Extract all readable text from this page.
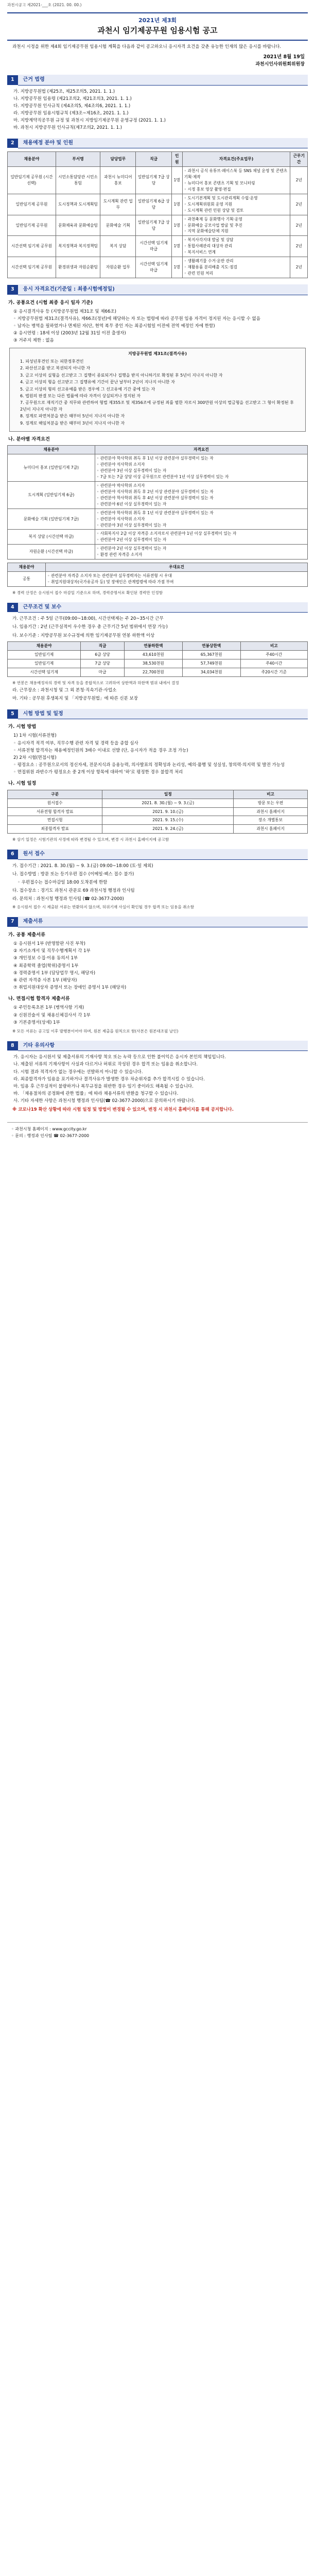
과천시공고 제2021-___호 (2021. 00. 00.)
2021년 제3회
과천시 임기제공무원 임용시험 공고

과천시 시정을 위한 제4회 임기제공무원 임용시험 계획을 다음과 같이 공고하오니 응시자격 요건을 갖춘 유능한 인재의 많은 응시를 바랍니다.

2021년 8월 19일
과천시인사위원회위원장
1	근거 법령
가. 지방공무원법 (제25조, 제25조의5, 2021. 1. 1.)
나. 지방공무원 임용령 (제21조의2, 제21조의3, 2021. 1. 1.)
다. 지방공무원 인사규칙 (제4조의5, 제4조의6, 2021. 1. 1.)
라. 지방공무원 임용시험규칙 (제3조~제16조, 2021. 1. 1.)
마. 지방계약직공무원 규정 및 과천시 지방임기제공무원 운영규정 (2021. 1. 1.)
바. 과천시 지방공무원 인사규칙(제7조의2, 2021. 1. 1.)
2	채용예정 분야 및 인원
채용분야	부서명	담당업무	직급	인원	자격요건(주요업무)	근무기간
일반임기제 공무원 (시간선택)	시민소통담당관 시민소통팀	과천시 뉴미디어 홍보	일반임기제 7급 상당	1명	◦ 과천시 공식 유튜브·페이스북 등 SNS 채널 운영 및 콘텐츠 기획·제작
◦ 뉴미디어 홍보 콘텐츠 기획 및 모니터링
◦ 시정 홍보 영상 촬영·편집	2년
일반임기제 공무원	도시정책과 도시계획팀	도시계획 관련 업무	일반임기제 6급 상당	1명	◦ 도시기본계획 및 도시관리계획 수립·운영
◦ 도시계획위원회 운영 지원
◦ 도시계획 관련 민원 상담 및 검토	2년
일반임기제 공무원	문화체육과 문화예술팀	문화예술 기획	일반임기제 7급 상당	1명	◦ 과천축제 등 문화행사 기획·운영
◦ 문화예술 공모사업 발굴 및 추진
◦ 지역 문화예술단체 지원	2년
시간선택 임기제 공무원	복지정책과 복지정책팀	복지 상담	시간선택 임기제 마급	1명	◦ 복지사각지대 발굴 및 상담
◦ 통합사례관리 대상자 관리
◦ 복지서비스 연계	2년
시간선택 임기제 공무원	환경위생과 자원순환팀	자원순환 업무	시간선택 임기제 마급	1명	◦ 생활폐기물 수거·운반 관리
◦ 재활용품 분리배출 지도·점검
◦ 관련 민원 처리	2년
3	응시 자격요건(기준일 : 최종시험예정일)
가. 공통요건 (시험 최종 응시 일자 기준)
① 응시결격사유 등 (지방공무원법 제31조 및 제66조)
◦ 지방공무원법 제31조(결격사유), 제66조(정년)에 해당하는 자 또는 법령에 따라 공무원 임용 자격이 정지된 자는 응시할 수 없음
◦ 남자는 병역을 필하였거나 면제된 자(단, 현역 복무 중인 자는 최종시험일 이전에 전역 예정인 자에 한함)
② 응시연령 : 18세 이상 (2003년 12월 31일 이전 출생자)
③ 거주지 제한 : 없음
지방공무원법 제31조(결격사유)
1. 피성년후견인 또는 피한정후견인
2. 파산선고를 받고 복권되지 아니한 자
3. 금고 이상의 실형을 선고받고 그 집행이 종료되거나 집행을 받지 아니하기로 확정된 후 5년이 지나지 아니한 자
4. 금고 이상의 형을 선고받고 그 집행유예 기간이 끝난 날부터 2년이 지나지 아니한 자
5. 금고 이상의 형의 선고유예를 받은 경우에 그 선고유예 기간 중에 있는 자
6. 법원의 판결 또는 다른 법률에 따라 자격이 상실되거나 정지된 자
7. 공무원으로 재직기간 중 직무와 관련하여 형법 제355조 및 제356조에 규정된 죄를 범한 자로서 300만원 이상의 벌금형을 선고받고 그 형이 확정된 후 2년이 지나지 아니한 자
8. 징계로 파면처분을 받은 때부터 5년이 지나지 아니한 자
9. 징계로 해임처분을 받은 때부터 3년이 지나지 아니한 자
나. 분야별 자격요건
채용분야	자격요건
뉴미디어 홍보 (일반임기제 7급)	◦ 관련분야 학사학위 취득 후 1년 이상 관련분야 실무경력이 있는 자
◦ 관련분야 석사학위 소지자
◦ 관련분야 3년 이상 실무경력이 있는 자
◦ 7급 또는 7급 상당 이상 공무원으로 관련분야 1년 이상 실무경력이 있는 자
도시계획 (일반임기제 6급)	◦ 관련분야 박사학위 소지자
◦ 관련분야 석사학위 취득 후 2년 이상 관련분야 실무경력이 있는 자
◦ 관련분야 학사학위 취득 후 4년 이상 관련분야 실무경력이 있는 자
◦ 관련분야 6년 이상 실무경력이 있는 자
문화예술 기획 (일반임기제 7급)	◦ 관련분야 학사학위 취득 후 1년 이상 관련분야 실무경력이 있는 자
◦ 관련분야 석사학위 소지자
◦ 관련분야 3년 이상 실무경력이 있는 자
복지 상담 (시간선택 마급)	◦ 사회복지사 2급 이상 자격증 소지자로서 관련분야 1년 이상 실무경력이 있는 자
◦ 관련분야 2년 이상 실무경력이 있는 자
자원순환 (시간선택 마급)	◦ 관련분야 2년 이상 실무경력이 있는 자
◦ 환경 관련 자격증 소지자
채용분야	우대요건
공통	◦ 관련분야 자격증 소지자 또는 관련분야 실무경력자는 서류전형 시 우대
◦ 취업지원대상자(국가유공자 등) 및 장애인은 관계법령에 따라 가점 부여

※ 경력 산정은 응시원서 접수 마감일 기준으로 하며, 경력증명서로 확인된 경력만 인정함

4	근무조건 및 보수

가. 근무조건 : 주 5일 근무(09:00~18:00), 시간선택제는 주 20~35시간 근무

나. 임용기간 : 2년 (근무실적이 우수한 경우 총 근무기간 5년 범위에서 연장 가능)

다. 보수기준 : 지방공무원 보수규정에 의한 임기제공무원 연봉 하한액 이상

채용분야	직급	연봉하한액	연봉상한액	비고
일반임기제	6급 상당	43,610천원	65,367천원	주40시간
일반임기제	7급 상당	38,530천원	57,749천원	주40시간
시간선택 임기제	마급	22,700천원	34,034천원	주20시간 기준

※ 연봉은 채용예정자의 경력 및 자격 등을 종합적으로 고려하여 상한액과 하한액 범위 내에서 결정

라. 근무장소 : 과천시청 및 그 외 본청·직속기관·사업소

마. 기타 : 공무원 후생복지 및 「지방공무원법」에 따른 신분 보장

5	시험 방법 및 일정
가. 시험 방법
1) 1차 시험(서류전형)
◦ 응시자격 적격 여부, 직무수행 관련 자격 및 경력 등을 종합 심사
◦ 서류전형 합격자는 채용예정인원의 3배수 이내로 선발 (단, 응시자가 적을 경우 조정 가능)
2) 2차 시험(면접시험)
◦ 평정요소 : 공무원으로서의 정신자세, 전문지식과 응용능력, 의사발표의 정확성과 논리성, 예의·품행 및 성실성, 창의력·의지력 및 발전 가능성
◦ 면접위원 과반수가 평정요소 중 2개 이상 항목에 대하여 '하'로 평정한 경우 불합격 처리
나. 시험 일정
구분	일정	비고
원서접수	2021. 8. 30.(월) ~ 9. 3.(금)	방문 또는 우편
서류전형 합격자 발표	2021. 9. 10.(금)	과천시 홈페이지
면접시험	2021. 9. 15.(수)	장소 개별통보
최종합격자 발표	2021. 9. 24.(금)	과천시 홈페이지

※ 상기 일정은 시험기관의 사정에 따라 변경될 수 있으며, 변경 시 과천시 홈페이지에 공고함

6	원서 접수

가. 접수기간 : 2021. 8. 30.(월) ~ 9. 3.(금) 09:00~18:00 (토·일 제외)

나. 접수방법 : 방문 또는 등기우편 접수 (이메일·팩스 접수 불가)

◦ 우편접수는 접수마감일 18:00 도착분에 한함

다. 접수장소 : 경기도 과천시 관문로 69 과천시청 행정과 인사팀

라. 문의처 : 과천시청 행정과 인사팀 (☎ 02-3677-2000)

※ 응시원서 접수 시 제출된 서류는 반환하지 않으며, 허위기재 사실이 확인될 경우 합격 또는 임용을 취소함

7	제출서류
가. 공통 제출서류
① 응시원서 1부 (반명함판 사진 부착)
② 자기소개서 및 직무수행계획서 각 1부
③ 개인정보 수집·이용 동의서 1부
④ 최종학력 졸업(학위)증명서 1부
⑤ 경력증명서 1부 (담당업무 명시, 해당자)
⑥ 관련 자격증 사본 1부 (해당자)
⑦ 취업지원대상자 증명서 또는 장애인 증명서 1부 (해당자)
나. 면접시험 합격자 제출서류
① 주민등록초본 1부 (병역사항 기재)
② 신원진술서 및 채용신체검사서 각 1부
③ 기본증명서(상세) 1부

※ 모든 서류는 공고일 이후 발행분이어야 하며, 원본 제출을 원칙으로 함(사본은 원본대조필 날인)

8	기타 유의사항
가. 응시자는 응시원서 및 제출서류의 기재사항 착오 또는 누락 등으로 인한 불이익은 응시자 본인의 책임입니다.
나. 제출된 서류의 기재사항이 사실과 다르거나 허위로 작성된 경우 합격 또는 임용을 취소합니다.
다. 시험 결과 적격자가 없는 경우에는 선발하지 아니할 수 있습니다.
라. 최종합격자가 임용을 포기하거나 결격사유가 발생한 경우 차순위자를 추가 합격시킬 수 있습니다.
마. 임용 후 근무실적이 불량하거나 복무규정을 위반한 경우 임기 중이라도 해촉될 수 있습니다.
바. 「채용절차의 공정화에 관한 법률」에 따라 채용서류의 반환을 청구할 수 있습니다.
사. 기타 자세한 사항은 과천시청 행정과 인사팀(☎ 02-3677-2000)으로 문의하시기 바랍니다.

※ 코로나19 확산 상황에 따라 시험 일정 및 방법이 변경될 수 있으며, 변경 시 과천시 홈페이지를 통해 공지합니다.

◦ 과천시청 홈페이지 : www.gccity.go.kr
◦ 문의 : 행정과 인사팀 ☎ 02-3677-2000
